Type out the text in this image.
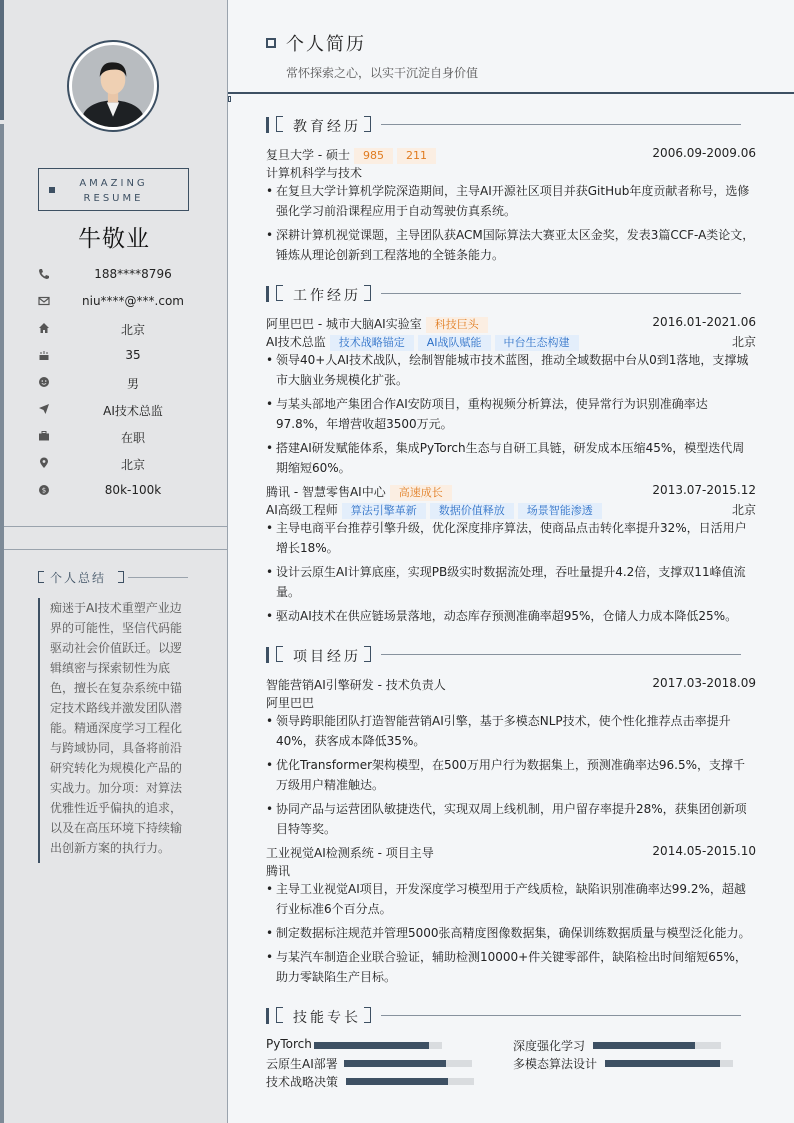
AMAZING
RESUME
牛敬业
188****8796
niu****@***.com
北京
35
男
AI技术总监
在职
北京
$	80k-100k
个人总结
痴迷于AI技术重塑产业边界的可能性，坚信代码能驱动社会价值跃迁。以逻辑缜密与探索韧性为底色，擅长在复杂系统中锚定技术路线并激发团队潜能。精通深度学习工程化与跨域协同，具备将前沿研究转化为规模化产品的实战力。加分项：对算法优雅性近乎偏执的追求，以及在高压环境下持续输出创新方案的执行力。
个人简历
常怀探索之心，以实干沉淀自身价值
教育经历
复旦大学 - 硕士 985 211	2006.09-2009.06
计算机科学与技术
• 在复旦大学计算机学院深造期间，主导AI开源社区项目并获GitHub年度贡献者称号，选修强化学习前沿课程应用于自动驾驶仿真系统。
• 深耕计算机视觉课题，主导团队获ACM国际算法大赛亚太区金奖，发表3篇CCF-A类论文，锤炼从理论创新到工程落地的全链条能力。
工作经历
阿里巴巴 - 城市大脑AI实验室 科技巨头	2016.01-2021.06
AI技术总监 技术战略锚定 AI战队赋能 中台生态构建	北京
• 领导40+人AI技术战队，绘制智能城市技术蓝图，推动全域数据中台从0到1落地，支撑城市大脑业务规模化扩张。
• 与某头部地产集团合作AI安防项目，重构视频分析算法，使异常行为识别准确率达97.8%，年增营收超3500万元。
• 搭建AI研发赋能体系，集成PyTorch生态与自研工具链，研发成本压缩45%，模型迭代周期缩短60%。
腾讯 - 智慧零售AI中心 高速成长	2013.07-2015.12
AI高级工程师 算法引擎革新 数据价值释放 场景智能渗透	北京
• 主导电商平台推荐引擎升级，优化深度排序算法，使商品点击转化率提升32%，日活用户增长18%。
• 设计云原生AI计算底座，实现PB级实时数据流处理，吞吐量提升4.2倍，支撑双11峰值流量。
• 驱动AI技术在供应链场景落地，动态库存预测准确率超95%，仓储人力成本降低25%。
项目经历
智能营销AI引擎研发 - 技术负责人	2017.03-2018.09
阿里巴巴
• 领导跨职能团队打造智能营销AI引擎，基于多模态NLP技术，使个性化推荐点击率提升40%，获客成本降低35%。
• 优化Transformer架构模型，在500万用户行为数据集上，预测准确率达96.5%，支撑千万级用户精准触达。
• 协同产品与运营团队敏捷迭代，实现双周上线机制，用户留存率提升28%，获集团创新项目特等奖。
工业视觉AI检测系统 - 项目主导	2014.05-2015.10
腾讯
• 主导工业视觉AI项目，开发深度学习模型用于产线质检，缺陷识别准确率达99.2%，超越行业标准6个百分点。
• 制定数据标注规范并管理5000张高精度图像数据集，确保训练数据质量与模型泛化能力。
• 与某汽车制造企业联合验证，辅助检测10000+件关键零部件，缺陷检出时间缩短65%，助力零缺陷生产目标。
技能专长
PyTorch	深度强化学习
云原生AI部署	多模态算法设计
技术战略决策
